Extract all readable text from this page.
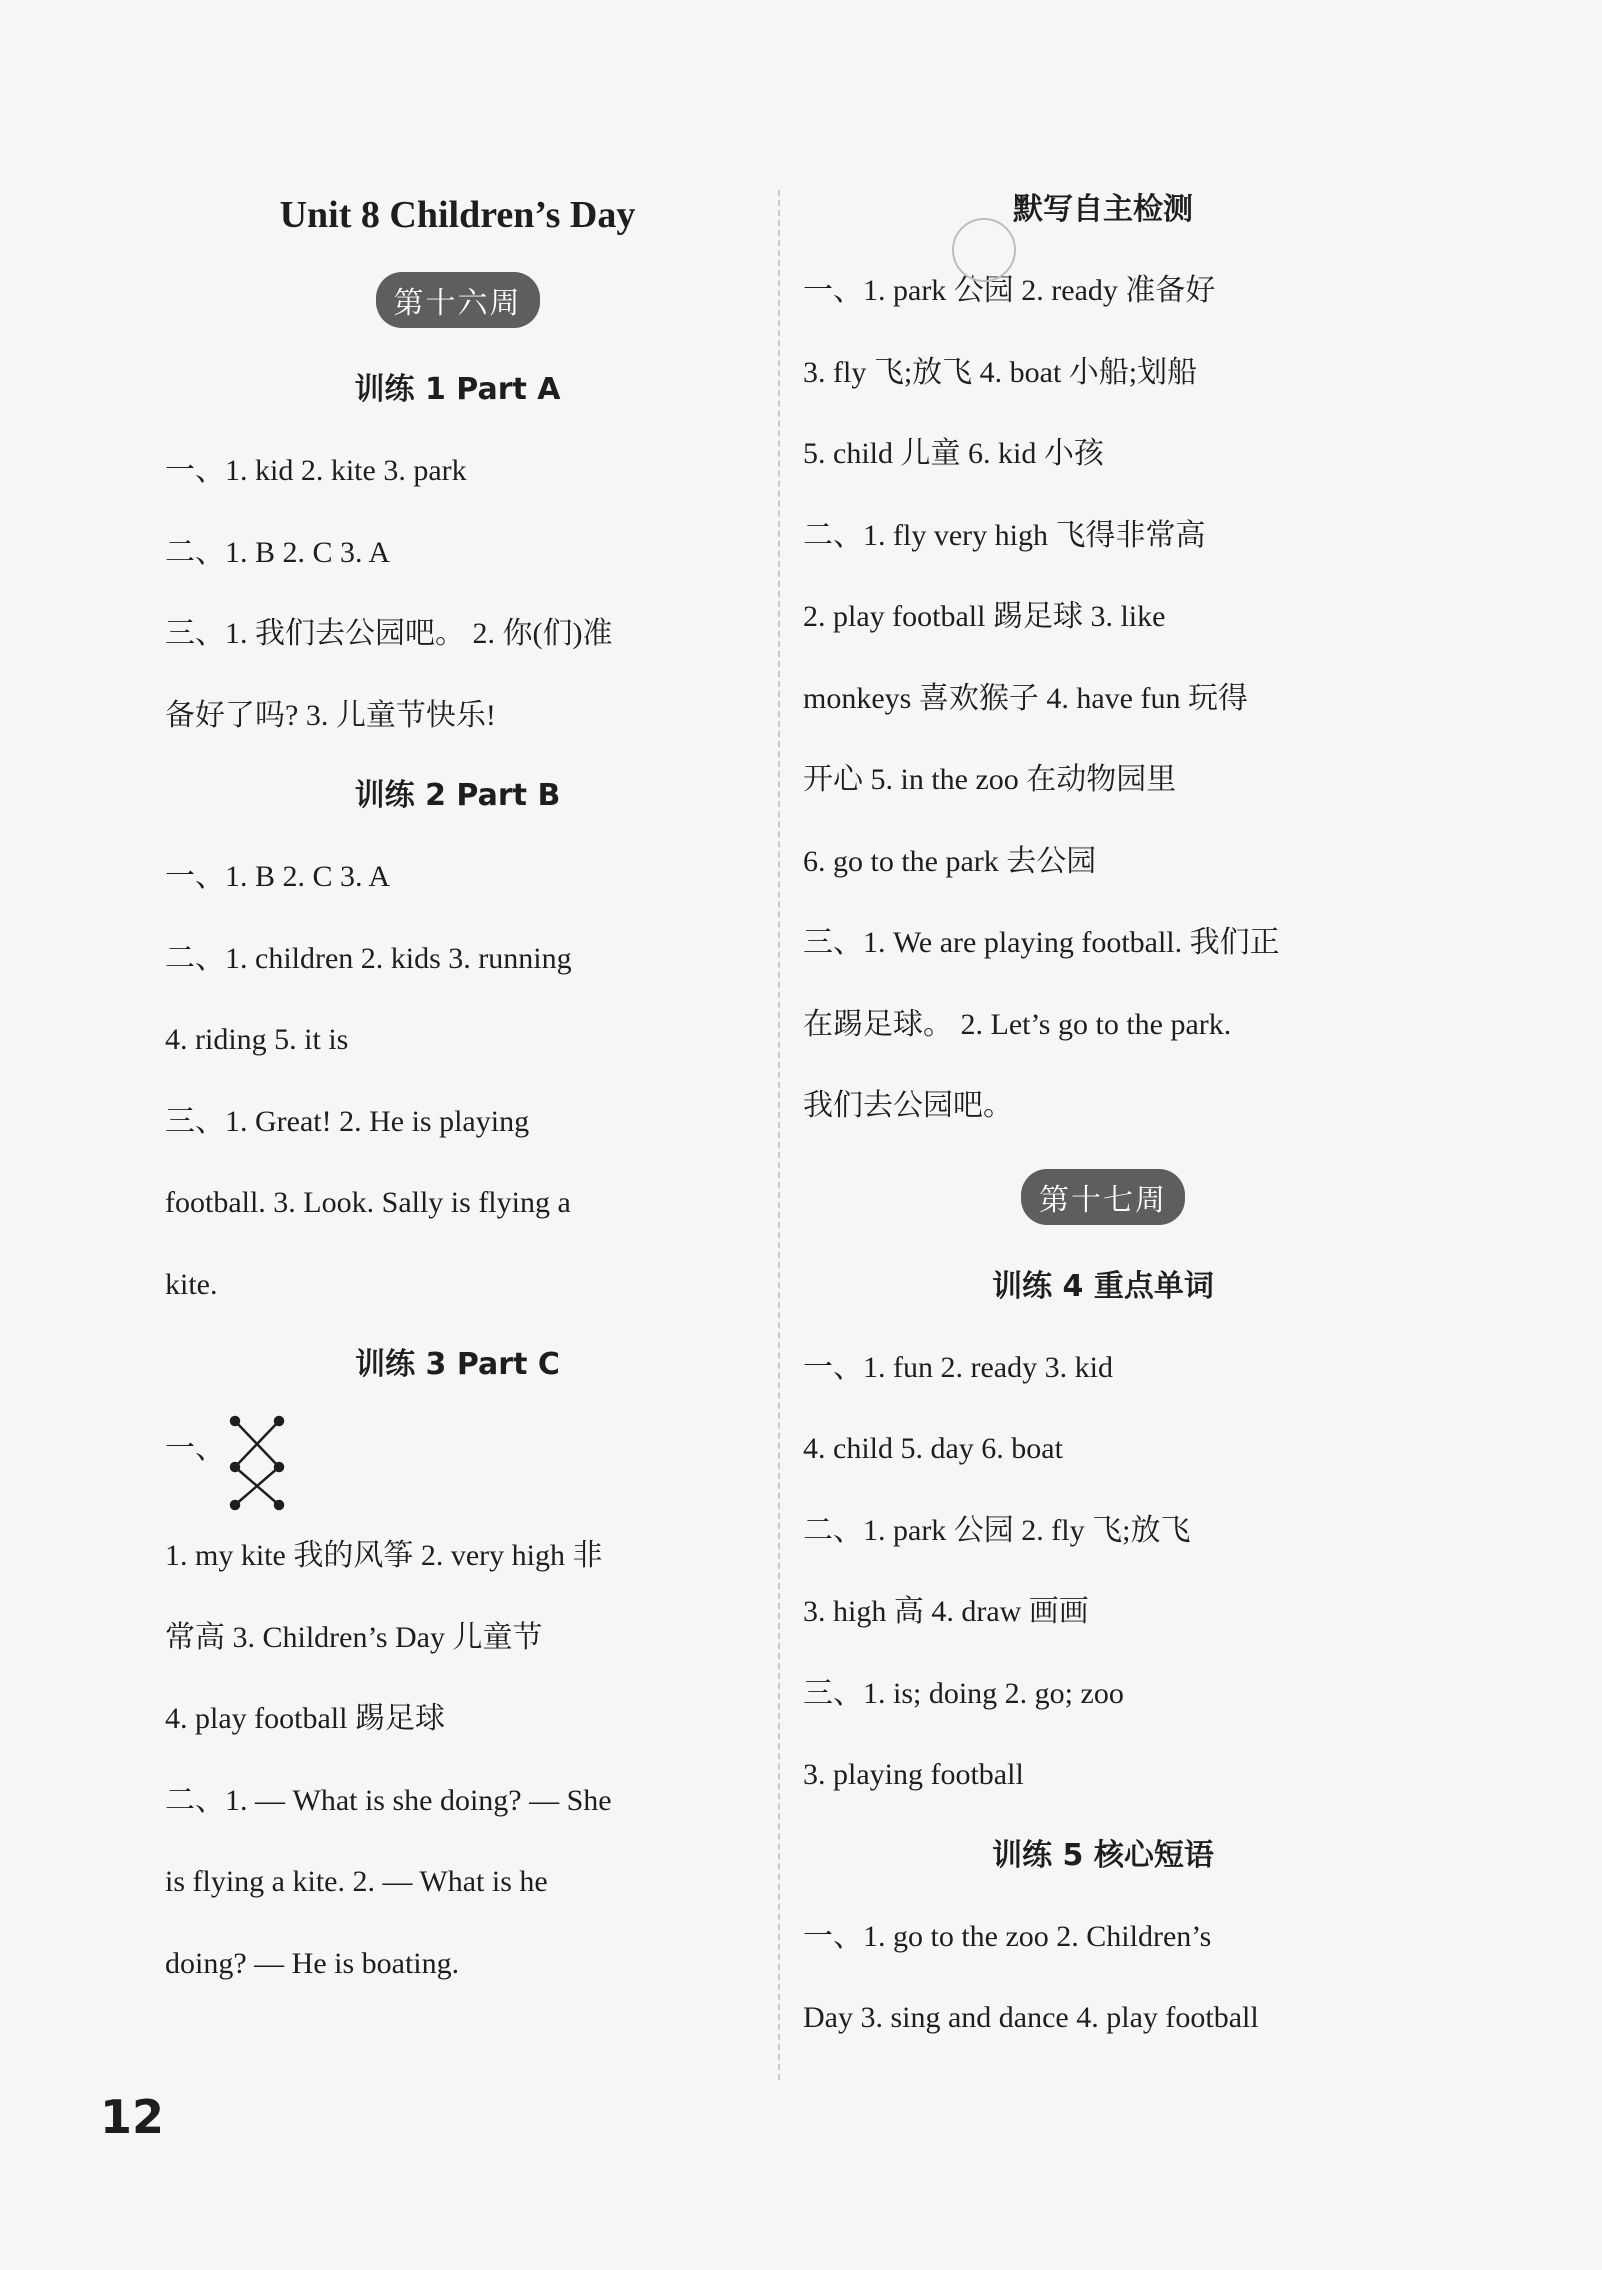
Unit 8 Children’s Day
第十六周
训练 1 Part A

一、1. kid 2. kite 3. park

二、1. B 2. C 3. A

三、1. 我们去公园吧。 2. 你(们)准

备好了吗? 3. 儿童节快乐!

训练 2 Part B

一、1. B 2. C 3. A

二、1. children 2. kids 3. running

4. riding 5. it is

三、1. Great! 2. He is playing

football. 3. Look. Sally is flying a

kite.

训练 3 Part C
一、

1. my kite 我的风筝 2. very high 非

常高 3. Children’s Day 儿童节

4. play football 踢足球

二、1. — What is she doing? — She

is flying a kite. 2. — What is he

doing? — He is boating.

默写自主检测

一、1. park 公园 2. ready 准备好

3. fly 飞;放飞 4. boat 小船;划船

5. child 儿童 6. kid 小孩

二、1. fly very high 飞得非常高

2. play football 踢足球 3. like

monkeys 喜欢猴子 4. have fun 玩得

开心 5. in the zoo 在动物园里

6. go to the park 去公园

三、1. We are playing football. 我们正

在踢足球。 2. Let’s go to the park.

我们去公园吧。

第十七周
训练 4 重点单词

一、1. fun 2. ready 3. kid

4. child 5. day 6. boat

二、1. park 公园 2. fly 飞;放飞

3. high 高 4. draw 画画

三、1. is; doing 2. go; zoo

3. playing football

训练 5 核心短语

一、1. go to the zoo 2. Children’s

Day 3. sing and dance 4. play football

12
